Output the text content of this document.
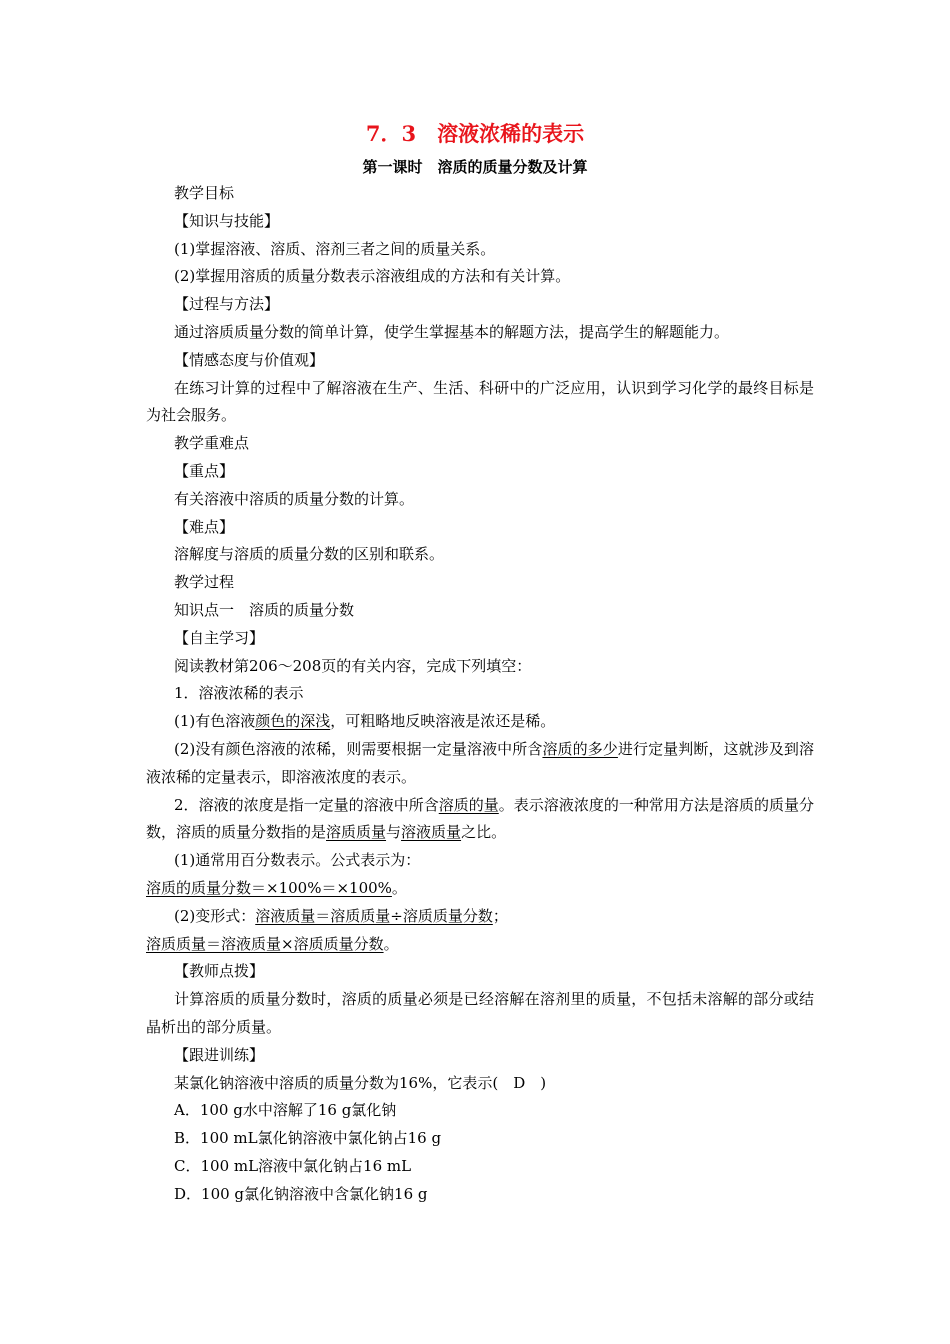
7．3　溶液浓稀的表示
第一课时　溶质的质量分数及计算

教学目标

【知识与技能】

(1)掌握溶液、溶质、溶剂三者之间的质量关系。

(2)掌握用溶质的质量分数表示溶液组成的方法和有关计算。

【过程与方法】

通过溶质质量分数的简单计算，使学生掌握基本的解题方法，提高学生的解题能力。

【情感态度与价值观】

在练习计算的过程中了解溶液在生产、生活、科研中的广泛应用，认识到学习化学的最终目标是为社会服务。

教学重难点

【重点】

有关溶液中溶质的质量分数的计算。

【难点】

溶解度与溶质的质量分数的区别和联系。

教学过程

知识点一　溶质的质量分数

【自主学习】

阅读教材第206～208页的有关内容，完成下列填空：

1．溶液浓稀的表示

(1)有色溶液颜色的深浅，可粗略地反映溶液是浓还是稀。

(2)没有颜色溶液的浓稀，则需要根据一定量溶液中所含溶质的多少进行定量判断，这就涉及到溶液浓稀的定量表示，即溶液浓度的表示。

2．溶液的浓度是指一定量的溶液中所含溶质的量。表示溶液浓度的一种常用方法是溶质的质量分数，溶质的质量分数指的是溶质质量与溶液质量之比。

(1)通常用百分数表示。公式表示为：

溶质的质量分数＝×100%＝×100%。

(2)变形式：溶液质量＝溶质质量÷溶质质量分数；

溶质质量＝溶液质量×溶质质量分数。

【教师点拨】

计算溶质的质量分数时，溶质的质量必须是已经溶解在溶剂里的质量，不包括未溶解的部分或结晶析出的部分质量。

【跟进训练】

某氯化钠溶液中溶质的质量分数为16%，它表示(　D　)

A．100 g水中溶解了16 g氯化钠

B．100 mL氯化钠溶液中氯化钠占16 g

C．100 mL溶液中氯化钠占16 mL

D．100 g氯化钠溶液中含氯化钠16 g
